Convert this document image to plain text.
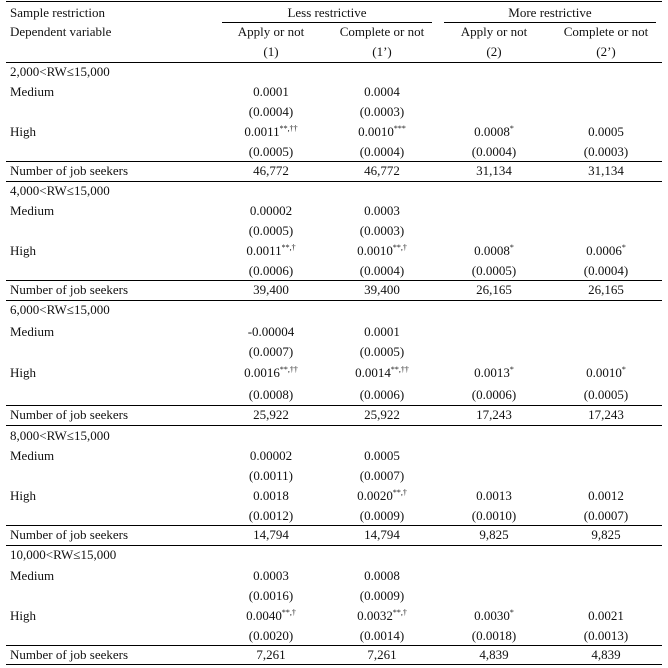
Sample restriction	Less restrictive	More restrictive
Dependent variable	Apply or not	Complete or not	Apply or not	Complete or not
(1)	(1’)	(2)	(2’)
2,000<RW≤15,000
Medium	0.0001	0.0004
(0.0004)	(0.0003)
High	0.0011**,††	0.0010***	0.0008*	0.0005
(0.0005)	(0.0004)	(0.0004)	(0.0003)
Number of job seekers	46,772	46,772	31,134	31,134
4,000<RW≤15,000
Medium	0.00002	0.0003
(0.0005)	(0.0003)
High	0.0011**,†	0.0010**,†	0.0008*	0.0006*
(0.0006)	(0.0004)	(0.0005)	(0.0004)
Number of job seekers	39,400	39,400	26,165	26,165
6,000<RW≤15,000
Medium	-0.00004	0.0001
(0.0007)	(0.0005)
High	0.0016**,††	0.0014**,††	0.0013*	0.0010*
(0.0008)	(0.0006)	(0.0006)	(0.0005)
Number of job seekers	25,922	25,922	17,243	17,243
8,000<RW≤15,000
Medium	0.00002	0.0005
(0.0011)	(0.0007)
High	0.0018	0.0020**,†	0.0013	0.0012
(0.0012)	(0.0009)	(0.0010)	(0.0007)
Number of job seekers	14,794	14,794	9,825	9,825
10,000<RW≤15,000
Medium	0.0003	0.0008
(0.0016)	(0.0009)
High	0.0040**,†	0.0032**,†	0.0030*	0.0021
(0.0020)	(0.0014)	(0.0018)	(0.0013)
Number of job seekers	7,261	7,261	4,839	4,839
